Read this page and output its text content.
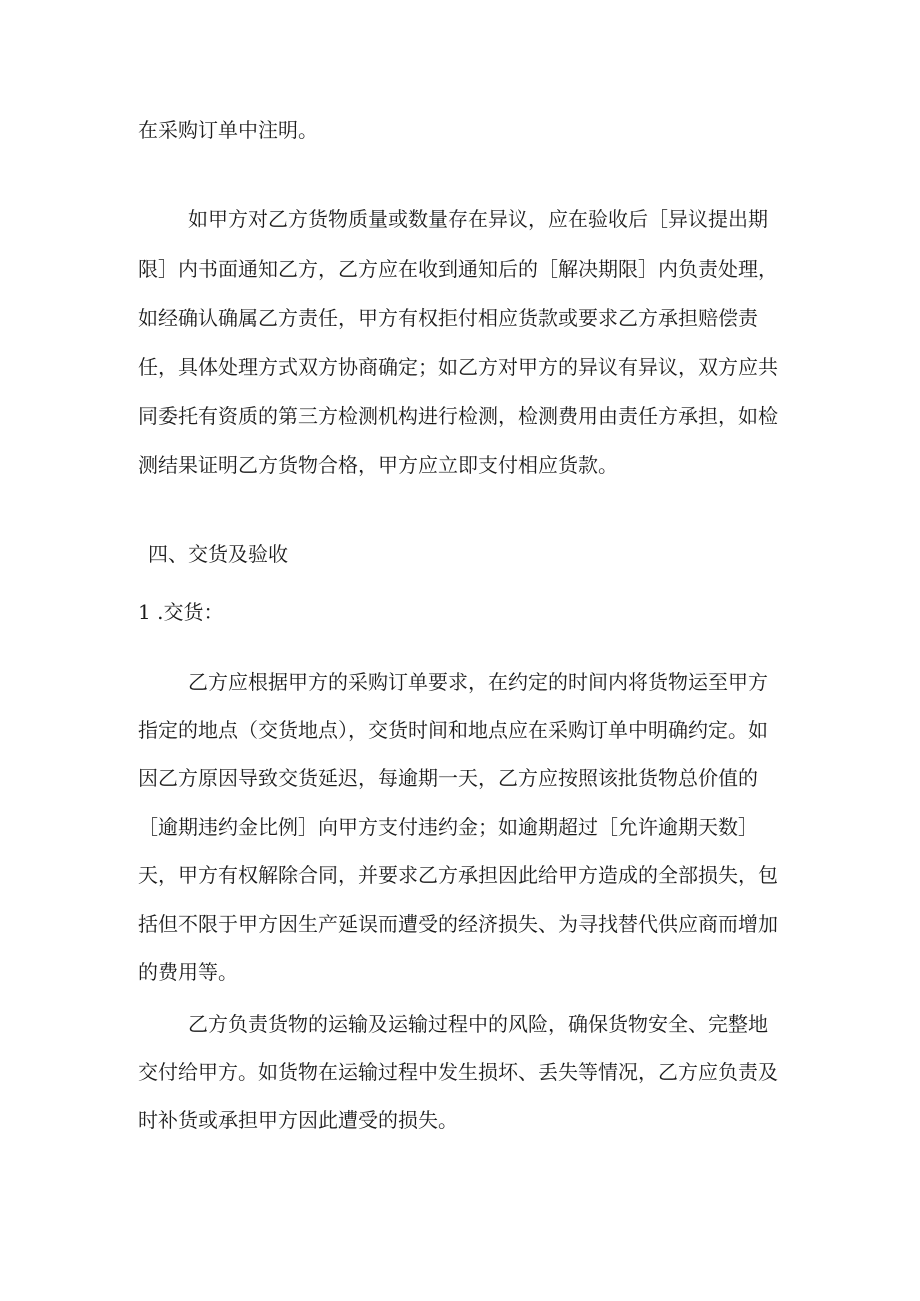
在采购订单中注明。
如甲方对乙方货物质量或数量存在异议，应在验收后［异议提出期
限］内书面通知乙方，乙方应在收到通知后的［解决期限］内负责处理，
如经确认确属乙方责任，甲方有权拒付相应货款或要求乙方承担赔偿责
任，具体处理方式双方协商确定；如乙方对甲方的异议有异议，双方应共
同委托有资质的第三方检测机构进行检测，检测费用由责任方承担，如检
测结果证明乙方货物合格，甲方应立即支付相应货款。
四、交货及验收
1 .交货：
乙方应根据甲方的采购订单要求，在约定的时间内将货物运至甲方
指定的地点（交货地点），交货时间和地点应在采购订单中明确约定。如
因乙方原因导致交货延迟，每逾期一天，乙方应按照该批货物总价值的
［逾期违约金比例］向甲方支付违约金；如逾期超过［允许逾期天数］
天，甲方有权解除合同，并要求乙方承担因此给甲方造成的全部损失，包
括但不限于甲方因生产延误而遭受的经济损失、为寻找替代供应商而增加
的费用等。
乙方负责货物的运输及运输过程中的风险，确保货物安全、完整地
交付给甲方。如货物在运输过程中发生损坏、丢失等情况，乙方应负责及
时补货或承担甲方因此遭受的损失。
